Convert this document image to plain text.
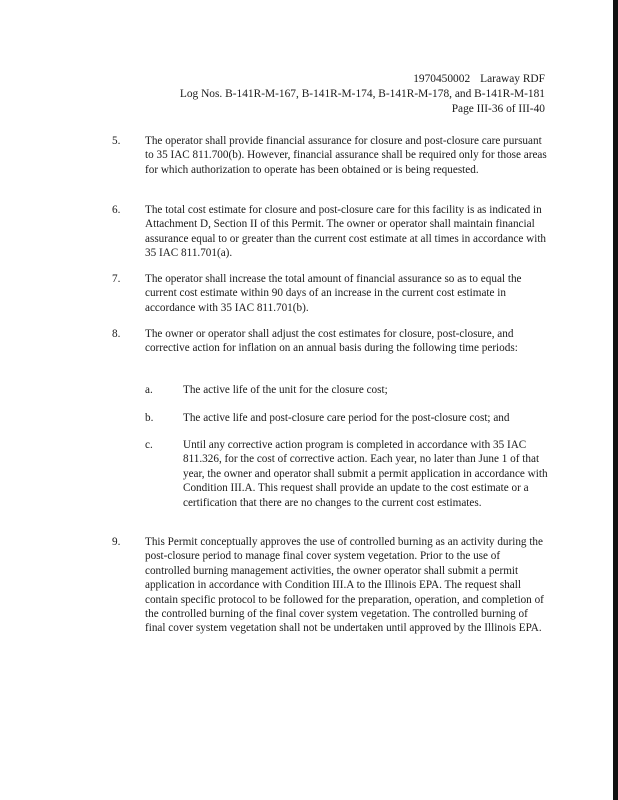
1970450002 Laraway RDF
Log Nos. B-141R-M-167, B-141R-M-174, B-141R-M-178, and B-141R-M-181
Page III-36 of III-40
5. The operator shall provide financial assurance for closure and post-closure care pursuant to 35 IAC 811.700(b). However, financial assurance shall be required only for those areas for which authorization to operate has been obtained or is being requested.
6. The total cost estimate for closure and post-closure care for this facility is as indicated in Attachment D, Section II of this Permit. The owner or operator shall maintain financial assurance equal to or greater than the current cost estimate at all times in accordance with 35 IAC 811.701(a).
7. The operator shall increase the total amount of financial assurance so as to equal the current cost estimate within 90 days of an increase in the current cost estimate in accordance with 35 IAC 811.701(b).
8. The owner or operator shall adjust the cost estimates for closure, post-closure, and corrective action for inflation on an annual basis during the following time periods:
a.	The active life of the unit for the closure cost;
b.	The active life and post-closure care period for the post-closure cost; and
c.	Until any corrective action program is completed in accordance with 35 IAC 811.326, for the cost of corrective action. Each year, no later than June 1 of that year, the owner and operator shall submit a permit application in accordance with Condition III.A. This request shall provide an update to the cost estimate or a certification that there are no changes to the current cost estimates.
9. This Permit conceptually approves the use of controlled burning as an activity during the post-closure period to manage final cover system vegetation. Prior to the use of controlled burning management activities, the owner operator shall submit a permit application in accordance with Condition III.A to the Illinois EPA. The request shall contain specific protocol to be followed for the preparation, operation, and completion of the controlled burning of the final cover system vegetation. The controlled burning of final cover system vegetation shall not be undertaken until approved by the Illinois EPA.
